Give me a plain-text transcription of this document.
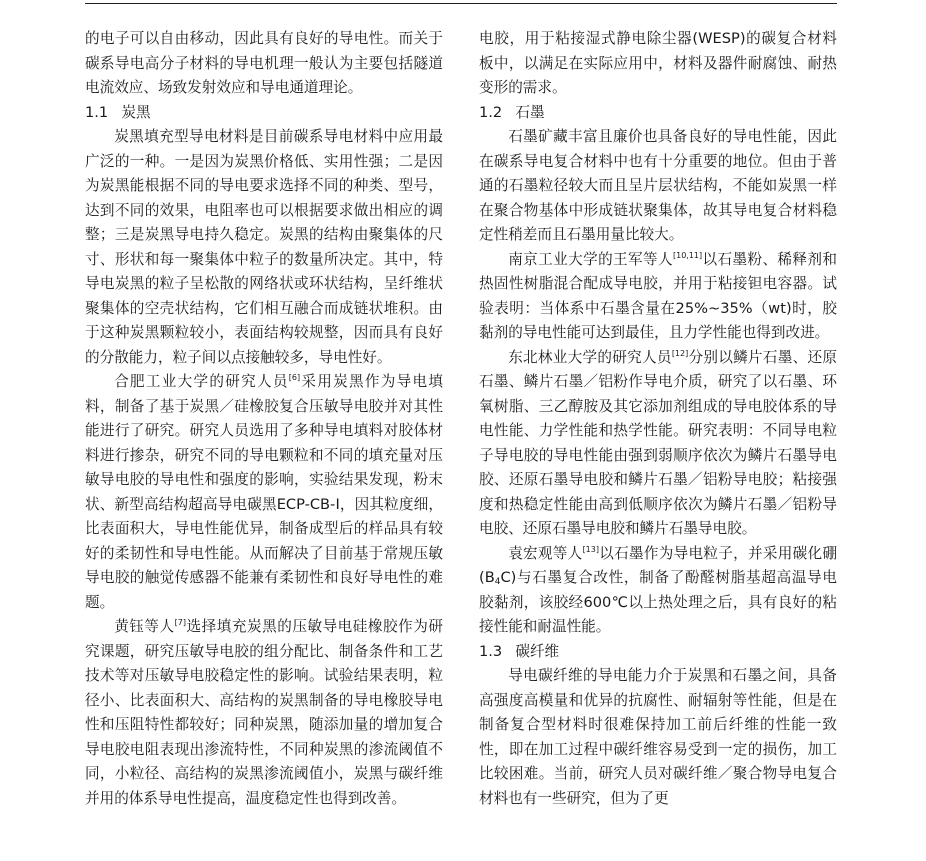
的电子可以自由移动，因此具有良好的导电性。而关于碳系导电高分子材料的导电机理一般认为主要包括隧道电流效应、场致发射效应和导电通道理论。

1.1 炭黑

炭黑填充型导电材料是目前碳系导电材料中应用最广泛的一种。一是因为炭黑价格低、实用性强；二是因为炭黑能根据不同的导电要求选择不同的种类、型号，达到不同的效果，电阻率也可以根据要求做出相应的调整；三是炭黑导电持久稳定。炭黑的结构由聚集体的尺寸、形状和每一聚集体中粒子的数量所决定。其中，特导电炭黑的粒子呈松散的网络状或环状结构，呈纤维状聚集体的空壳状结构，它们相互融合而成链状堆积。由于这种炭黑颗粒较小，表面结构较规整，因而具有良好的分散能力，粒子间以点接触较多，导电性好。

合肥工业大学的研究人员[6]采用炭黑作为导电填料，制备了基于炭黑／硅橡胶复合压敏导电胶并对其性能进行了研究。研究人员选用了多种导电填料对胶体材料进行掺杂，研究不同的导电颗粒和不同的填充量对压敏导电胶的导电性和强度的影响，实验结果发现，粉末状、新型高结构超高导电碳黑ECP-CB-Ⅰ，因其粒度细，比表面积大，导电性能优异，制备成型后的样品具有较好的柔韧性和导电性能。从而解决了目前基于常规压敏导电胶的触觉传感器不能兼有柔韧性和良好导电性的难题。

黄钰等人[7]选择填充炭黑的压敏导电硅橡胶作为研究课题，研究压敏导电胶的组分配比、制备条件和工艺技术等对压敏导电胶稳定性的影响。试验结果表明，粒径小、比表面积大、高结构的炭黑制备的导电橡胶导电性和压阻特性都较好；同种炭黑，随添加量的增加复合导电胶电阻表现出渗流特性，不同种炭黑的渗流阈值不同，小粒径、高结构的炭黑渗流阈值小，炭黑与碳纤维并用的体系导电性提高，温度稳定性也得到改善。

电胶，用于粘接湿式静电除尘器(WESP)的碳复合材料板中，以满足在实际应用中，材料及器件耐腐蚀、耐热变形的需求。

1.2 石墨

石墨矿藏丰富且廉价也具备良好的导电性能，因此在碳系导电复合材料中也有十分重要的地位。但由于普通的石墨粒径较大而且呈片层状结构，不能如炭黑一样在聚合物基体中形成链状聚集体，故其导电复合材料稳定性稍差而且石墨用量比较大。

南京工业大学的王军等人[10,11]以石墨粉、稀释剂和热固性树脂混合配成导电胶，并用于粘接钽电容器。试验表明：当体系中石墨含量在25%~35%（wt)时，胶黏剂的导电性能可达到最佳，且力学性能也得到改进。

东北林业大学的研究人员[12]分别以鳞片石墨、还原石墨、鳞片石墨／铝粉作导电介质，研究了以石墨、环氧树脂、三乙醇胺及其它添加剂组成的导电胶体系的导电性能、力学性能和热学性能。研究表明：不同导电粒子导电胶的导电性能由强到弱顺序依次为鳞片石墨导电胶、还原石墨导电胶和鳞片石墨／铝粉导电胶；粘接强度和热稳定性能由高到低顺序依次为鳞片石墨／铝粉导电胶、还原石墨导电胶和鳞片石墨导电胶。

袁宏观等人[13]以石墨作为导电粒子，并采用碳化硼$(B_4C)$与石墨复合改性，制备了酚醛树脂基超高温导电胶黏剂，该胶经600℃以上热处理之后，具有良好的粘接性能和耐温性能。

1.3 碳纤维

导电碳纤维的导电能力介于炭黑和石墨之间，具备高强度高模量和优异的抗腐性、耐辐射等性能，但是在制备复合型材料时很难保持加工前后纤维的性能一致性，即在加工过程中碳纤维容易受到一定的损伤，加工比较困难。当前，研究人员对碳纤维／聚合物导电复合材料也有一些研究，但为了更
